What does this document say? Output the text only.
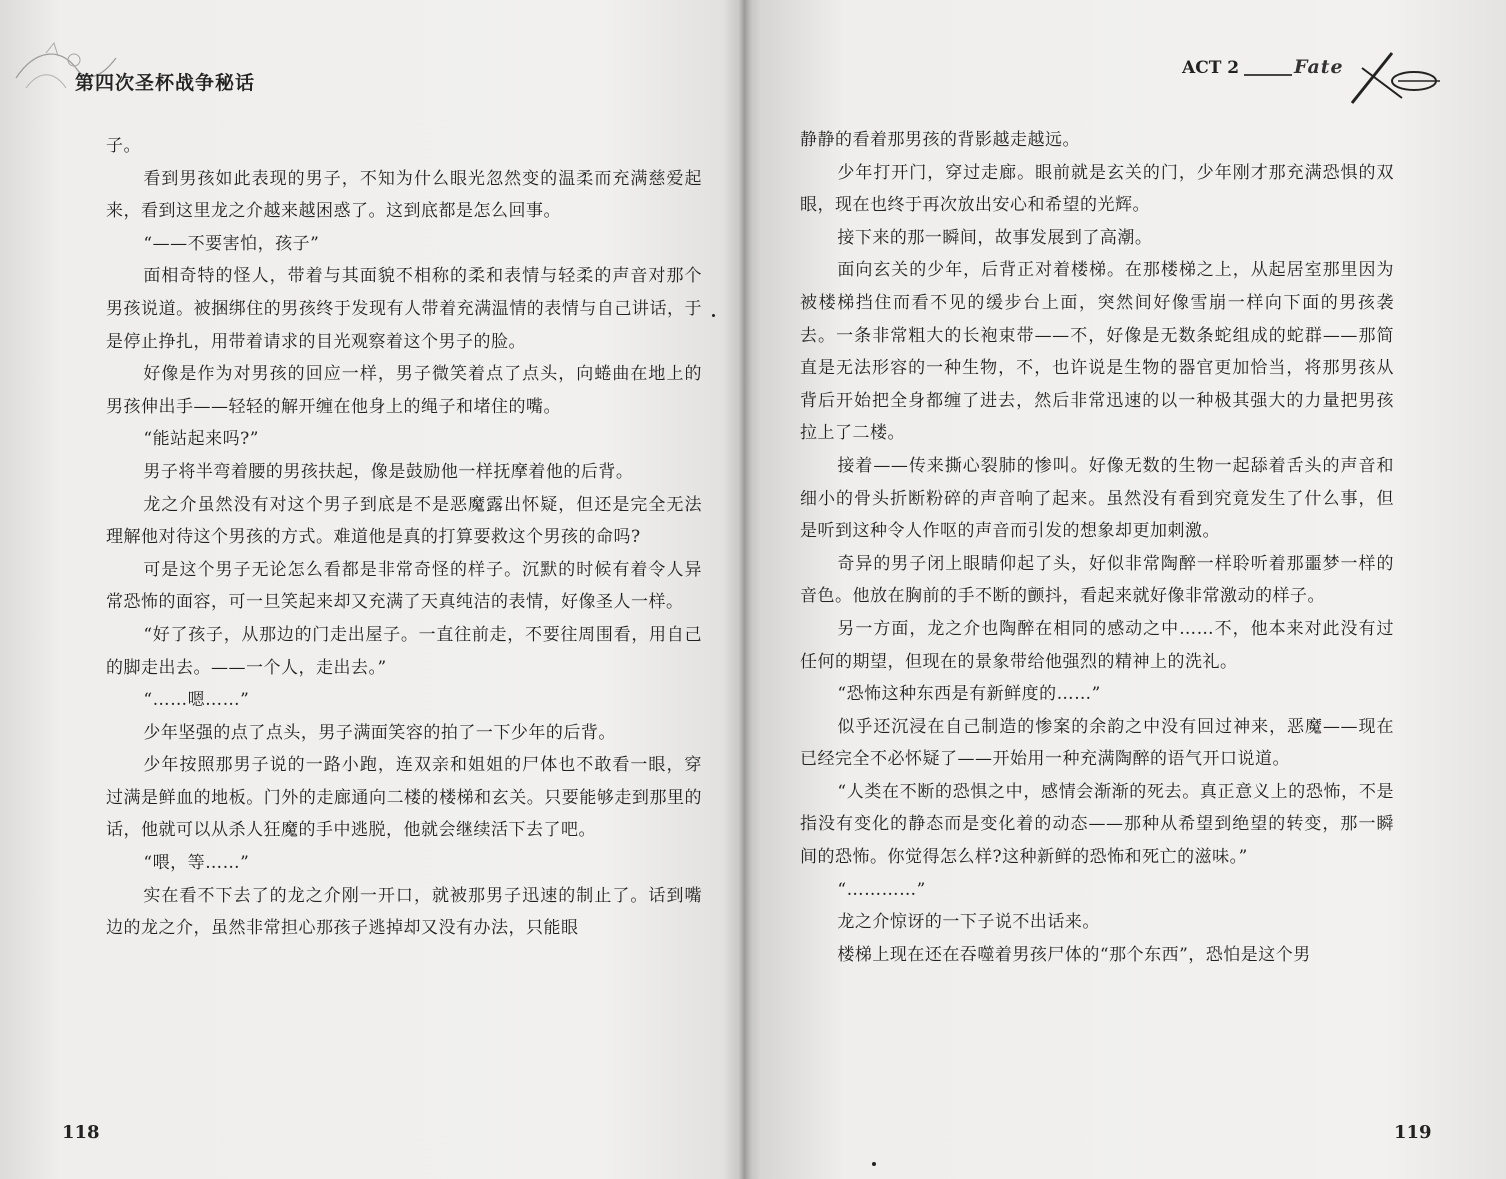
第四次圣杯战争秘话

子。

看到男孩如此表现的男子，不知为什么眼光忽然变的温柔而充满慈爱起来，看到这里龙之介越来越困惑了。这到底都是怎么回事。

“——不要害怕，孩子”

面相奇特的怪人，带着与其面貌不相称的柔和表情与轻柔的声音对那个男孩说道。被捆绑住的男孩终于发现有人带着充满温情的表情与自己讲话，于是停止挣扎，用带着请求的目光观察着这个男子的脸。

好像是作为对男孩的回应一样，男子微笑着点了点头，向蜷曲在地上的男孩伸出手——轻轻的解开缠在他身上的绳子和堵住的嘴。

“能站起来吗?”

男子将半弯着腰的男孩扶起，像是鼓励他一样抚摩着他的后背。

龙之介虽然没有对这个男子到底是不是恶魔露出怀疑，但还是完全无法理解他对待这个男孩的方式。难道他是真的打算要救这个男孩的命吗?

可是这个男子无论怎么看都是非常奇怪的样子。沉默的时候有着令人异常恐怖的面容，可一旦笑起来却又充满了天真纯洁的表情，好像圣人一样。

“好了孩子，从那边的门走出屋子。一直往前走，不要往周围看，用自己的脚走出去。——一个人，走出去。”

“……嗯……”

少年坚强的点了点头，男子满面笑容的拍了一下少年的后背。

少年按照那男子说的一路小跑，连双亲和姐姐的尸体也不敢看一眼，穿过满是鲜血的地板。门外的走廊通向二楼的楼梯和玄关。只要能够走到那里的话，他就可以从杀人狂魔的手中逃脱，他就会继续活下去了吧。

“喂，等……”

实在看不下去了的龙之介刚一开口，就被那男子迅速的制止了。话到嘴边的龙之介，虽然非常担心那孩子逃掉却又没有办法，只能眼

118
ACT 2	Fate

静静的看着那男孩的背影越走越远。

少年打开门，穿过走廊。眼前就是玄关的门，少年刚才那充满恐惧的双眼，现在也终于再次放出安心和希望的光辉。

接下来的那一瞬间，故事发展到了高潮。

面向玄关的少年，后背正对着楼梯。在那楼梯之上，从起居室那里因为被楼梯挡住而看不见的缓步台上面，突然间好像雪崩一样向下面的男孩袭去。一条非常粗大的长袍束带——不，好像是无数条蛇组成的蛇群——那简直是无法形容的一种生物，不，也许说是生物的器官更加恰当，将那男孩从背后开始把全身都缠了进去，然后非常迅速的以一种极其强大的力量把男孩拉上了二楼。

接着——传来撕心裂肺的惨叫。好像无数的生物一起舔着舌头的声音和细小的骨头折断粉碎的声音响了起来。虽然没有看到究竟发生了什么事，但是听到这种令人作呕的声音而引发的想象却更加刺激。

奇异的男子闭上眼睛仰起了头，好似非常陶醉一样聆听着那噩梦一样的音色。他放在胸前的手不断的颤抖，看起来就好像非常激动的样子。

另一方面，龙之介也陶醉在相同的感动之中……不，他本来对此没有过任何的期望，但现在的景象带给他强烈的精神上的洗礼。

“恐怖这种东西是有新鲜度的……”

似乎还沉浸在自己制造的惨案的余韵之中没有回过神来，恶魔——现在已经完全不必怀疑了——开始用一种充满陶醉的语气开口说道。

“人类在不断的恐惧之中，感情会渐渐的死去。真正意义上的恐怖，不是指没有变化的静态而是变化着的动态——那种从希望到绝望的转变，那一瞬间的恐怖。你觉得怎么样?这种新鲜的恐怖和死亡的滋味。”

“…………”

龙之介惊讶的一下子说不出话来。

楼梯上现在还在吞噬着男孩尸体的“那个东西”，恐怕是这个男

119
